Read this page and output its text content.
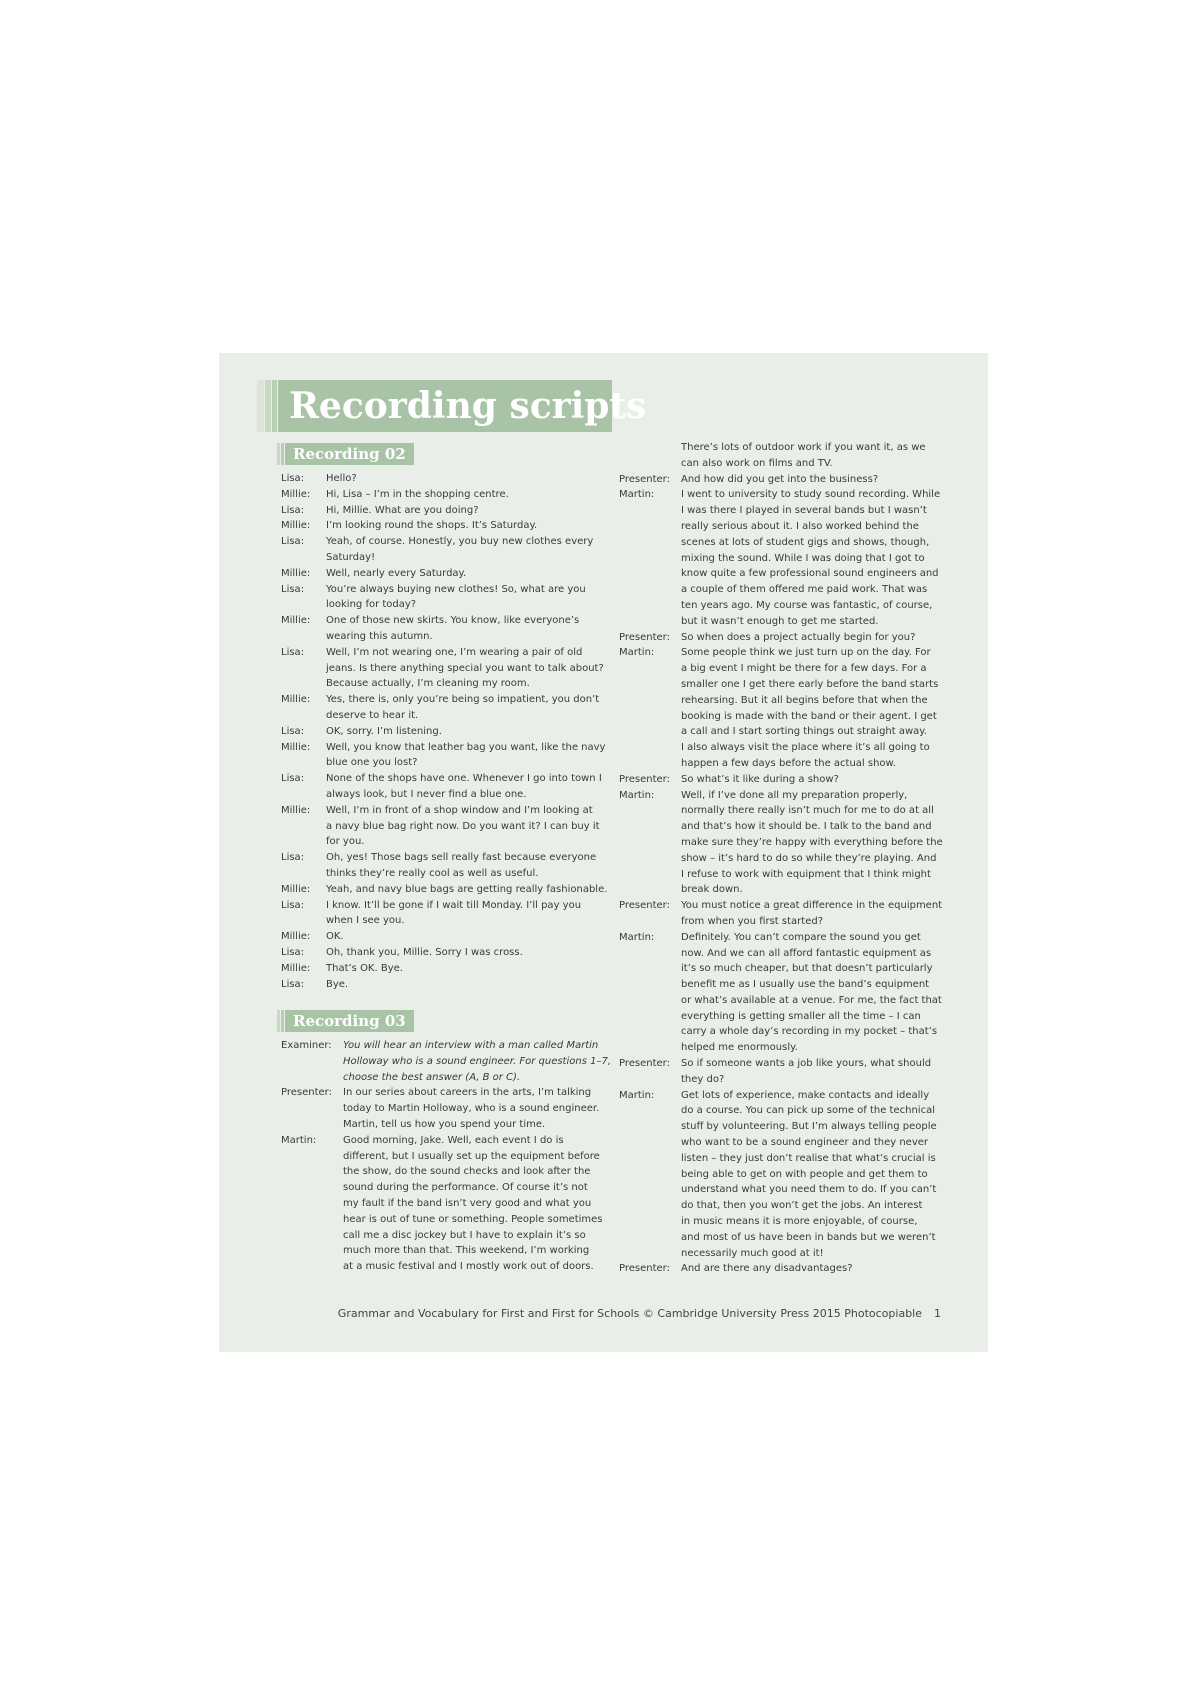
Recording scripts
Recording 02
Lisa: Hello?
Millie: Hi, Lisa – I’m in the shopping centre.
Lisa: Hi, Millie. What are you doing?
Millie: I’m looking round the shops. It’s Saturday.
Lisa: Yeah, of course. Honestly, you buy new clothes every
Saturday!
Millie: Well, nearly every Saturday.
Lisa: You’re always buying new clothes! So, what are you
looking for today?
Millie: One of those new skirts. You know, like everyone’s
wearing this autumn.
Lisa: Well, I’m not wearing one, I’m wearing a pair of old
jeans. Is there anything special you want to talk about?
Because actually, I’m cleaning my room.
Millie: Yes, there is, only you’re being so impatient, you don’t
deserve to hear it.
Lisa: OK, sorry. I’m listening.
Millie: Well, you know that leather bag you want, like the navy
blue one you lost?
Lisa: None of the shops have one. Whenever I go into town I
always look, but I never find a blue one.
Millie: Well, I’m in front of a shop window and I’m looking at
a navy blue bag right now. Do you want it? I can buy it
for you.
Lisa: Oh, yes! Those bags sell really fast because everyone
thinks they’re really cool as well as useful.
Millie: Yeah, and navy blue bags are getting really fashionable.
Lisa: I know. It’ll be gone if I wait till Monday. I’ll pay you
when I see you.
Millie: OK.
Lisa: Oh, thank you, Millie. Sorry I was cross.
Millie: That’s OK. Bye.
Lisa: Bye.
Recording 03
Examiner: You will hear an interview with a man called Martin
Holloway who is a sound engineer. For questions 1–7,
choose the best answer (A, B or C).
Presenter: In our series about careers in the arts, I’m talking
today to Martin Holloway, who is a sound engineer.
Martin, tell us how you spend your time.
Martin:	Good morning, Jake. Well, each event I do is
different, but I usually set up the equipment before
the show, do the sound checks and look after the
sound during the performance. Of course it’s not
my fault if the band isn’t very good and what you
hear is out of tune or something. People sometimes
call me a disc jockey but I have to explain it’s so
much more than that. This weekend, I’m working
at a music festival and I mostly work out of doors.
There’s lots of outdoor work if you want it, as we
can also work on films and TV.
Presenter: And how did you get into the business?
Martin:	I went to university to study sound recording. While
I was there I played in several bands but I wasn’t
really serious about it. I also worked behind the
scenes at lots of student gigs and shows, though,
mixing the sound. While I was doing that I got to
know quite a few professional sound engineers and
a couple of them offered me paid work. That was
ten years ago. My course was fantastic, of course,
but it wasn’t enough to get me started.
Presenter: So when does a project actually begin for you?
Martin:	Some people think we just turn up on the day. For
a big event I might be there for a few days. For a
smaller one I get there early before the band starts
rehearsing. But it all begins before that when the
booking is made with the band or their agent. I get
a call and I start sorting things out straight away.
I also always visit the place where it’s all going to
happen a few days before the actual show.
Presenter: So what’s it like during a show?
Martin:	Well, if I’ve done all my preparation properly,
normally there really isn’t much for me to do at all
and that’s how it should be. I talk to the band and
make sure they’re happy with everything before the
show – it’s hard to do so while they’re playing. And
I refuse to work with equipment that I think might
break down.
Presenter: You must notice a great difference in the equipment
from when you first started?
Martin:	Definitely. You can’t compare the sound you get
now. And we can all afford fantastic equipment as
it’s so much cheaper, but that doesn’t particularly
benefit me as I usually use the band’s equipment
or what’s available at a venue. For me, the fact that
everything is getting smaller all the time – I can
carry a whole day’s recording in my pocket – that’s
helped me enormously.
Presenter: So if someone wants a job like yours, what should
they do?
Martin:	Get lots of experience, make contacts and ideally
do a course. You can pick up some of the technical
stuff by volunteering. But I’m always telling people
who want to be a sound engineer and they never
listen – they just don’t realise that what’s crucial is
being able to get on with people and get them to
understand what you need them to do. If you can’t
do that, then you won’t get the jobs. An interest
in music means it is more enjoyable, of course,
and most of us have been in bands but we weren’t
necessarily much good at it!
Presenter: And are there any disadvantages?
Grammar and Vocabulary for First and First for Schools © Cambridge University Press 2015 Photocopiable 1
